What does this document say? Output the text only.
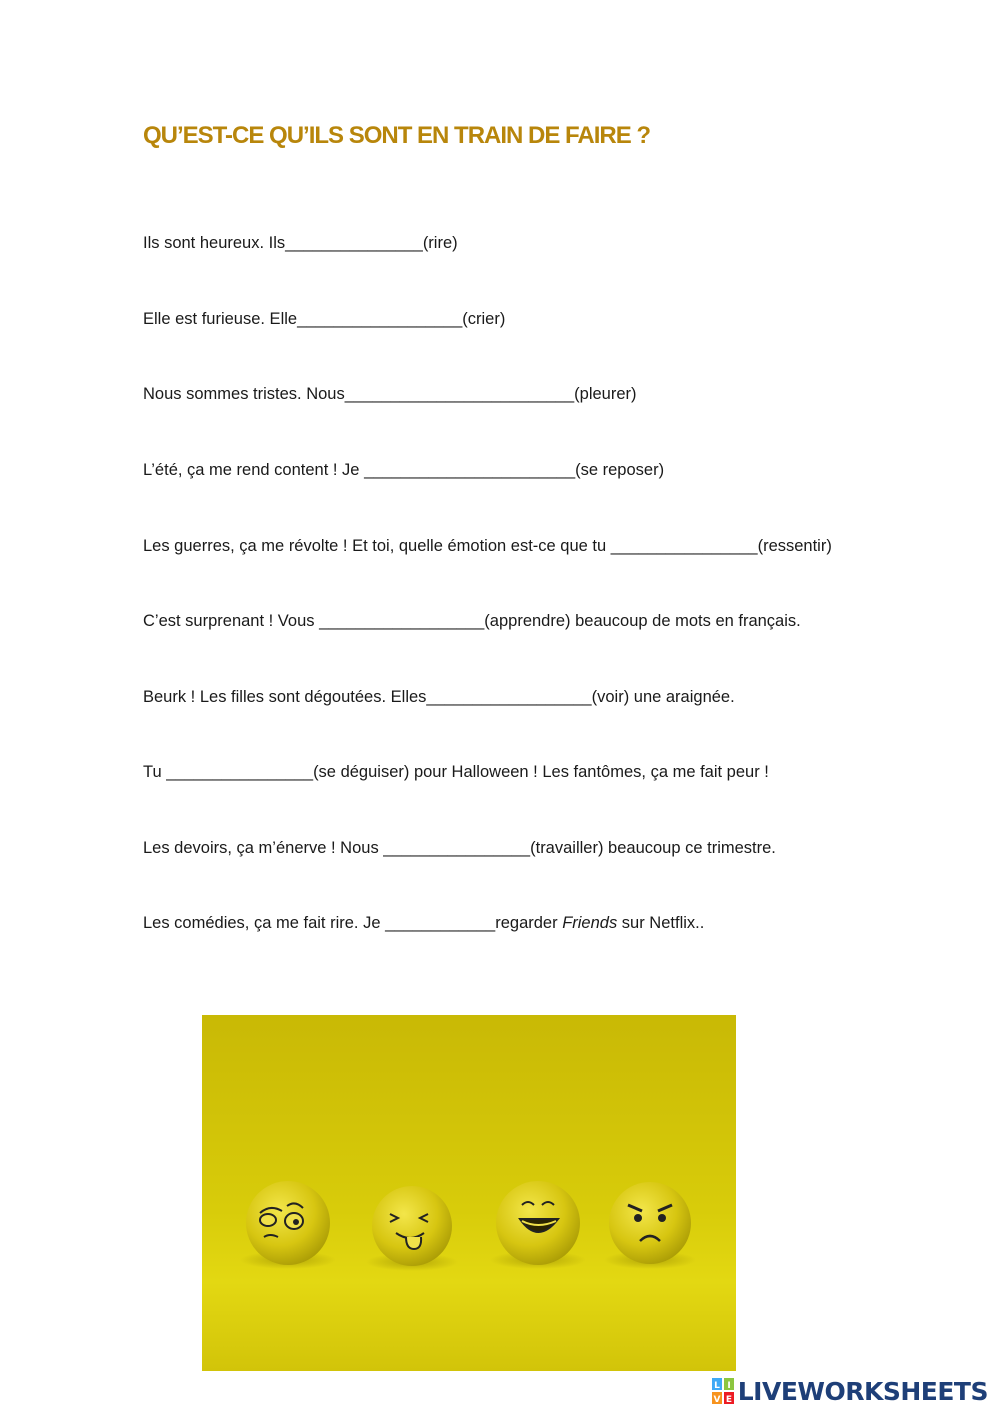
QU’EST-CE QU’ILS SONT EN TRAIN DE FAIRE ?

Ils sont heureux. Ils_______________(rire)

Elle est furieuse. Elle__________________(crier)

Nous sommes tristes. Nous_________________________(pleurer)

L’été, ça me rend content ! Je _______________________(se reposer)

Les guerres, ça me révolte ! Et toi, quelle émotion est-ce que tu ________________(ressentir)

C’est surprenant ! Vous __________________(apprendre) beaucoup de mots en français.

Beurk ! Les filles sont dégoutées. Elles__________________(voir) une araignée.

Tu ________________(se déguiser) pour Halloween ! Les fantômes, ça me fait peur !

Les devoirs, ça m’énerve ! Nous ________________(travailler) beaucoup ce trimestre.

Les comédies, ça me fait rire. Je ____________regarder Friends sur Netflix..

L I
V E LIVEWORKSHEETS
